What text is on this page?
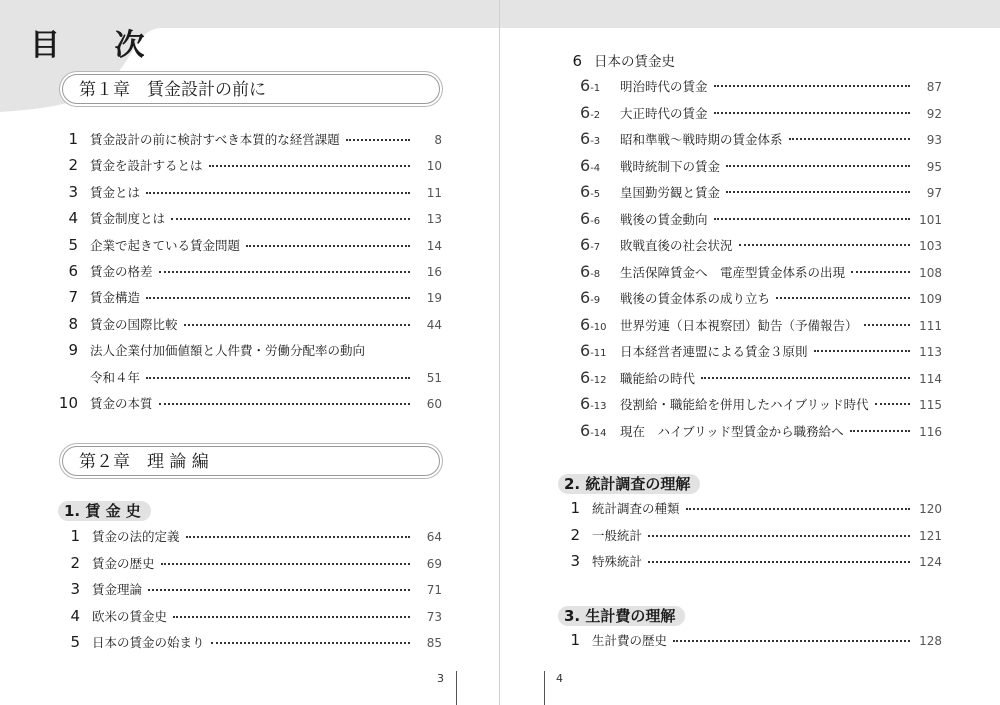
目 次
第１章　賃金設計の前に
1 賃金設計の前に検討すべき本質的な経営課題	8
2 賃金を設計するとは	10
3 賃金とは	11
4 賃金制度とは	13
5 企業で起きている賃金問題	14
6 賃金の格差	16
7 賃金構造	19
8 賃金の国際比較	44
9 法人企業付加価値額と人件費・労働分配率の動向
令和４年	51
10 賃金の本質	60
第２章　理 論 編
1. 賃 金 史
1 賃金の法的定義	64
2 賃金の歴史	69
3 賃金理論	71
4 欧米の賃金史	73
5 日本の賃金の始まり	85
3
6 日本の賃金史
6-1	明治時代の賃金	87
6-2	大正時代の賃金	92
6-3	昭和準戦～戦時期の賃金体系	93
6-4	戦時統制下の賃金	95
6-5	皇国勤労観と賃金	97
6-6	戦後の賃金動向	101
6-7	敗戦直後の社会状況	103
6-8	生活保障賃金へ　電産型賃金体系の出現	108
6-9	戦後の賃金体系の成り立ち	109
6-10	世界労連（日本視察団）勧告（予備報告）	111
6-11	日本経営者連盟による賃金３原則	113
6-12	職能給の時代	114
6-13	役割給・職能給を併用したハイブリッド時代	115
6-14	現在　ハイブリッド型賃金から職務給へ	116
2. 統計調査の理解
1 統計調査の種類	120
2 一般統計	121
3 特殊統計	124
3. 生計費の理解
1 生計費の歴史	128
4
